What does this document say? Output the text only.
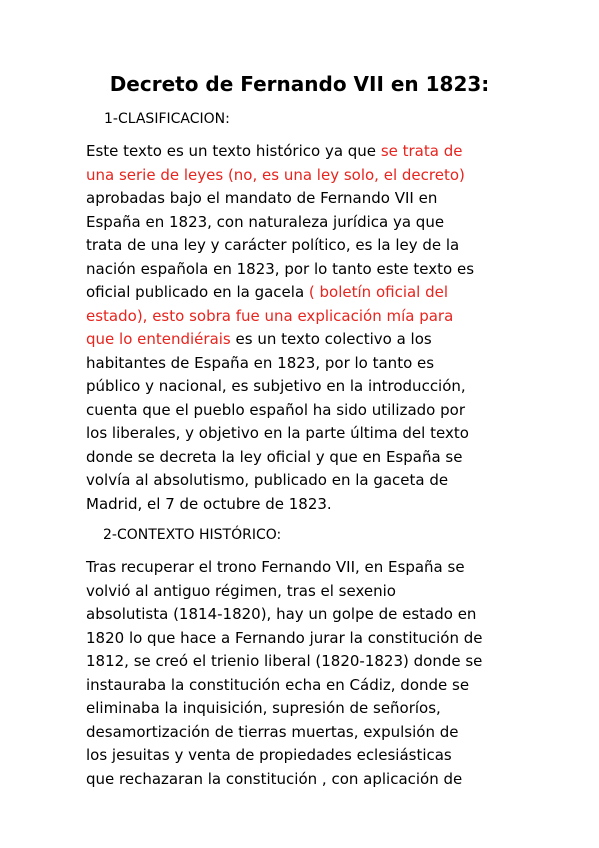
Decreto de Fernando VII en 1823:
1-CLASIFICACION:
Este texto es un texto histórico ya que se trata de
una serie de leyes (no, es una ley solo, el decreto)
aprobadas bajo el mandato de Fernando VII en
España en 1823, con naturaleza jurídica ya que
trata de una ley y carácter político, es la ley de la
nación española en 1823, por lo tanto este texto es
oficial publicado en la gacela ( boletín oficial del
estado), esto sobra fue una explicación mía para
que lo entendiérais es un texto colectivo a los
habitantes de España en 1823, por lo tanto es
público y nacional, es subjetivo en la introducción,
cuenta que el pueblo español ha sido utilizado por
los liberales, y objetivo en la parte última del texto
donde se decreta la ley oficial y que en España se
volvía al absolutismo, publicado en la gaceta de
Madrid, el 7 de octubre de 1823.
2-CONTEXTO HISTÓRICO:
Tras recuperar el trono Fernando VII, en España se
volvió al antiguo régimen, tras el sexenio
absolutista (1814-1820), hay un golpe de estado en
1820 lo que hace a Fernando jurar la constitución de
1812, se creó el trienio liberal (1820-1823) donde se
instauraba la constitución echa en Cádiz, donde se
eliminaba la inquisición, supresión de señoríos,
desamortización de tierras muertas, expulsión de
los jesuitas y venta de propiedades eclesiásticas
que rechazaran la constitución , con aplicación de
